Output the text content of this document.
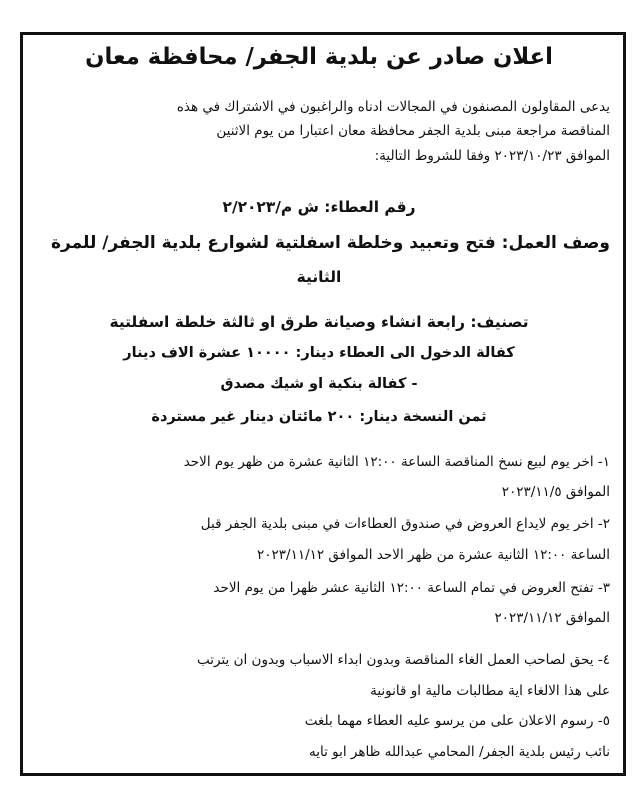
اعلان صادر عن بلدية الجفر/ محافظة معان
يدعى المقاولون المصنفون في المجالات ادناه والراغبون في الاشتراك في هذه
المناقصة مراجعة مبنى بلدية الجفر محافظة معان اعتبارا من يوم الاثنين
الموافق ٢٠٢٣/١٠/٢٣ وفقا للشروط التالية:
رقم العطاء: ش م/٢/٢٠٢٣
وصف العمل: فتح وتعبيد وخلطة اسفلتية لشوارع بلدية الجفر/ للمرة
الثانية
تصنيف: رابعة انشاء وصيانة طرق او ثالثة خلطة اسفلتية
كفالة الدخول الى العطاء دينار: ١٠٠٠٠ عشرة الاف دينار
- كفالة بنكية او شيك مصدق
ثمن النسخة دينار: ٢٠٠ مائتان دينار غير مستردة
١- اخر يوم لبيع نسخ المناقصة الساعة ١٢:٠٠ الثانية عشرة من ظهر يوم الاحد
الموافق ٢٠٢٣/١١/٥
٢- اخر يوم لايداع العروض في صندوق العطاءات في مبنى بلدية الجفر قبل
الساعة ١٢:٠٠ الثانية عشرة من ظهر الاحد الموافق ٢٠٢٣/١١/١٢
٣- تفتح العروض في تمام الساعة ١٢:٠٠ الثانية عشر ظهرا من يوم الاحد
الموافق ٢٠٢٣/١١/١٢
٤- يحق لصاحب العمل الغاء المناقصة وبدون ابداء الاسباب وبدون ان يترتب
على هذا الالغاء اية مطالبات مالية او قانونية
٥- رسوم الاعلان على من يرسو عليه العطاء مهما بلغت
نائب رئيس بلدية الجفر/ المحامي عبدالله ظاهر ابو تايه
